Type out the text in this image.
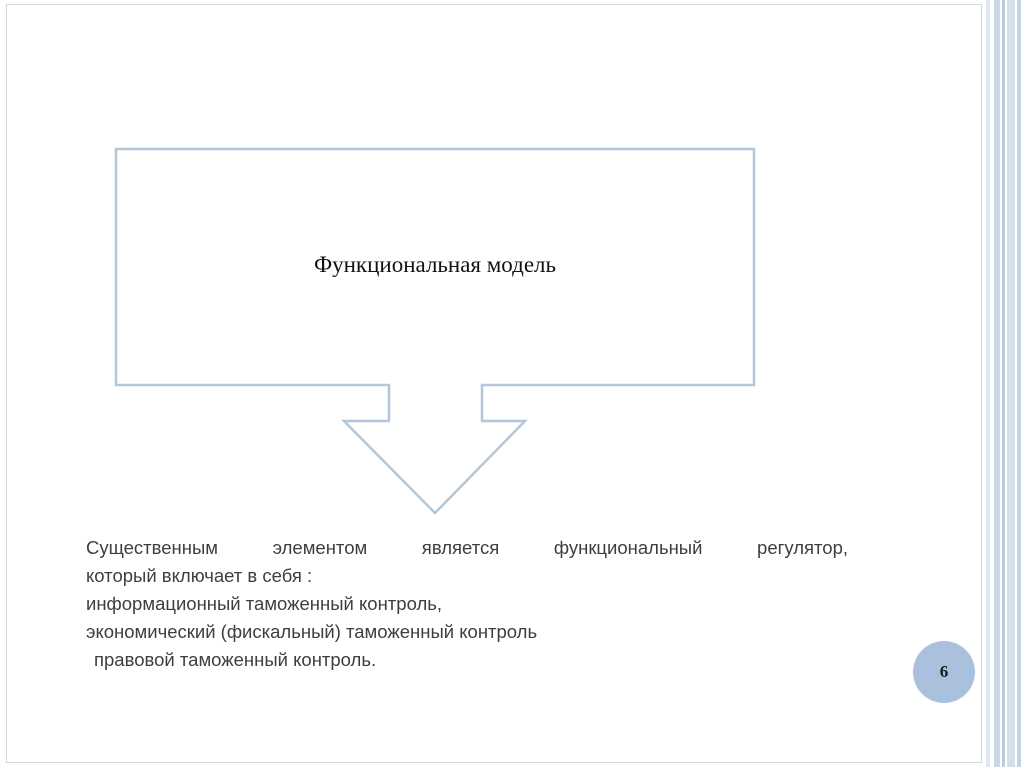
Функциональная модель
Существенным элементом является функциональный регулятор,
который включает в себя :
информационный таможенный контроль,
экономический (фискальный) таможенный контроль
правовой таможенный контроль.
6
